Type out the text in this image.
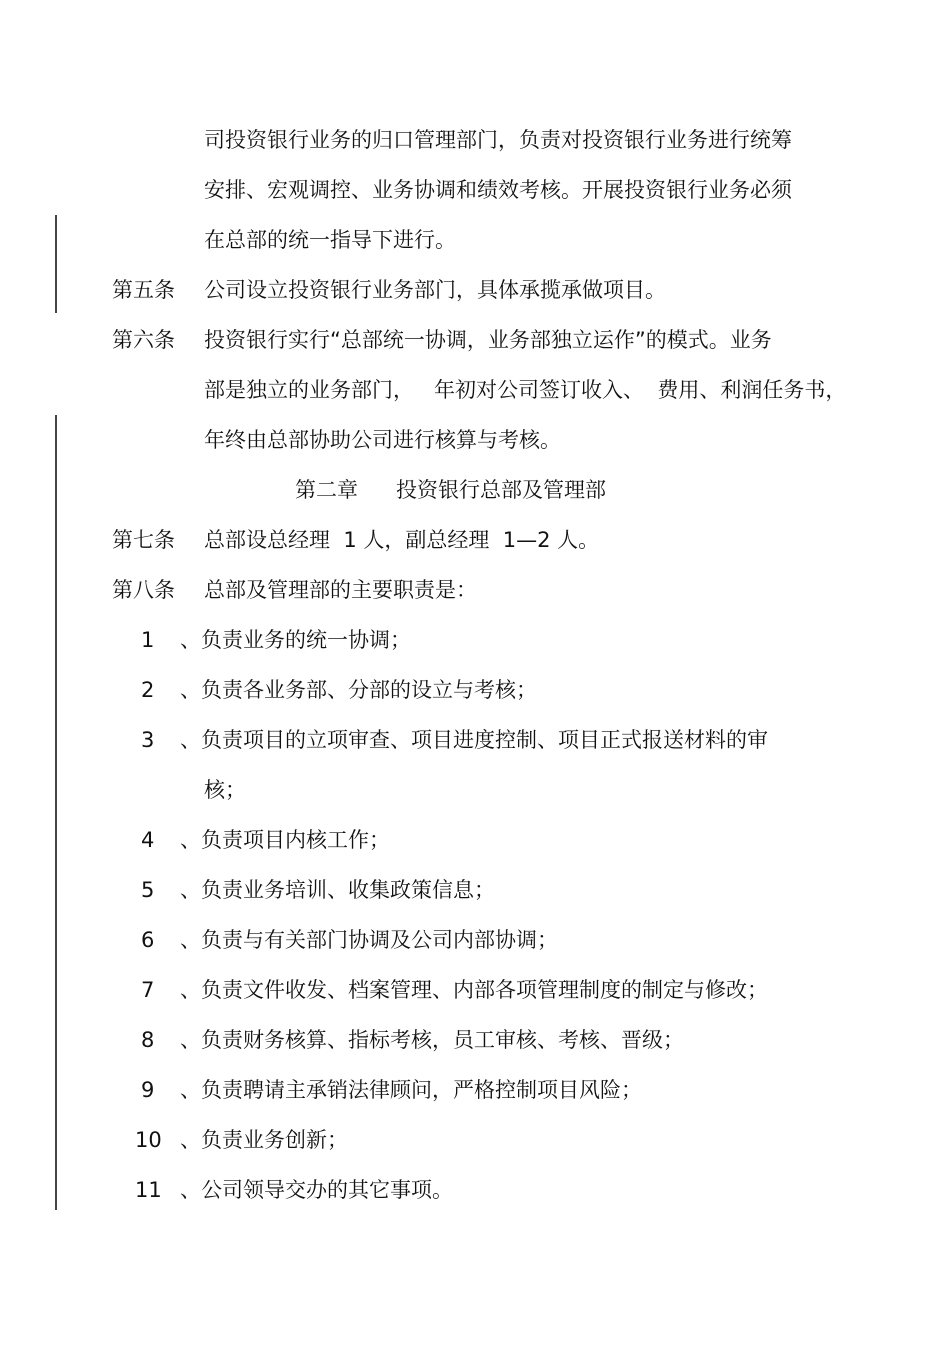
司投资银行业务的归口管理部门，负责对投资银行业务进行统筹
安排、宏观调控、业务协调和绩效考核。开展投资银行业务必须
在总部的统一指导下进行。
第五条 公司设立投资银行业务部门，具体承揽承做项目。
第六条 投资银行实行“总部统一协调，业务部独立运作”的模式。业务
部是独立的业务部门，   年初对公司签订收入、  费用、利润任务书，
年终由总部协助公司进行核算与考核。
第二章 投资银行总部及管理部
第七条 总部设总经理  1 人，副总经理  1—2 人。
第八条 总部及管理部的主要职责是：
1 、负责业务的统一协调；
2 、负责各业务部、分部的设立与考核；
3 、负责项目的立项审查、项目进度控制、项目正式报送材料的审
核；
4 、负责项目内核工作；
5 、负责业务培训、收集政策信息；
6 、负责与有关部门协调及公司内部协调；
7 、负责文件收发、档案管理、内部各项管理制度的制定与修改；
8 、负责财务核算、指标考核，员工审核、考核、晋级；
9 、负责聘请主承销法律顾问，严格控制项目风险；
10 、负责业务创新；
11 、公司领导交办的其它事项。
